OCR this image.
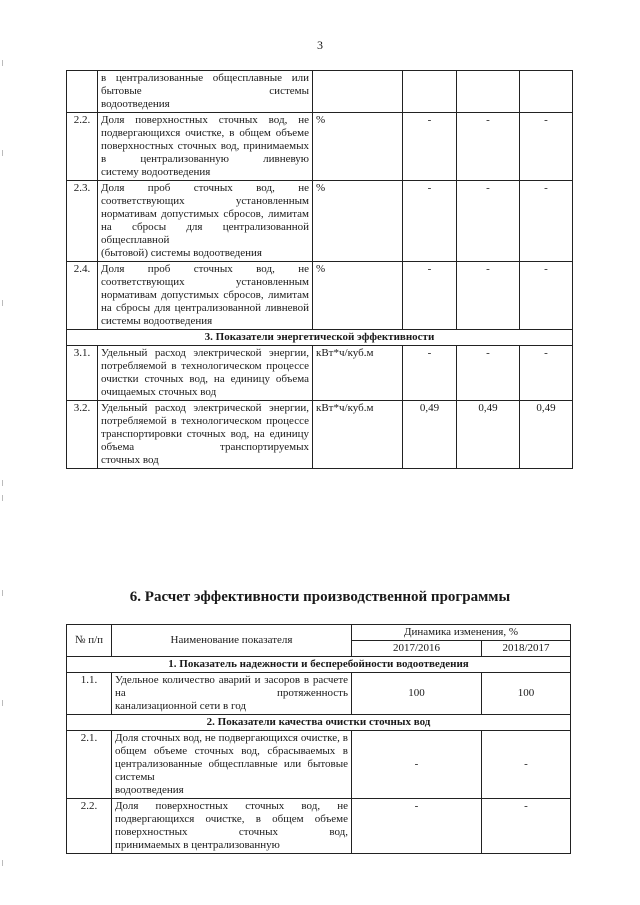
3
	в централизованные общесплавные или бытовые системы
водоотведения				

2.2.	Доля поверхностных сточных вод, не подвергающихся очистке, в общем объеме поверхностных сточных вод, принимаемых в централизованную ливневую
систему водоотведения	%	-	-	-
2.3.	Доля проб сточных вод, не соответствующих установленным нормативам допустимых сбросов, лимитам на сбросы для централизованной общесплавной
(бытовой) системы водоотведения	%	-	-	-
2.4.	Доля проб сточных вод, не соответствующих установленным нормативам допустимых сбросов, лимитам на сбросы для централизованной ливневой
системы водоотведения	%	-	-	-
3. Показатели энергетической эффективности					
3.1.	Удельный расход электрической энергии, потребляемой в технологическом процессе очистки сточных вод, на единицу объема
очищаемых сточных вод	кВт*ч/куб.м	-	-	-
3.2.	Удельный расход электрической энергии, потребляемой в технологическом процессе транспортировки сточных вод, на единицу объема транспортируемых
сточных вод	кВт*ч/куб.м	0,49	0,49	0,49
6. Расчет эффективности производственной программы
№ п/п	Наименование показателя	Динамика изменения, %	
		2017/2016	2018/2017
1. Показатель надежности и бесперебойности водоотведения			
1.1.	Удельное количество аварий и засоров в расчете на протяженность
канализационной сети в год	100	100
2. Показатели качества очистки сточных вод			
2.1.	Доля сточных вод, не подвергающихся очистке, в общем объеме сточных вод, сбрасываемых в централизованные общесплавные или бытовые системы
водоотведения	-	-
2.2.	Доля поверхностных сточных вод, не подвергающихся очистке, в общем объеме поверхностных сточных вод,
принимаемых в централизованную	-	-
